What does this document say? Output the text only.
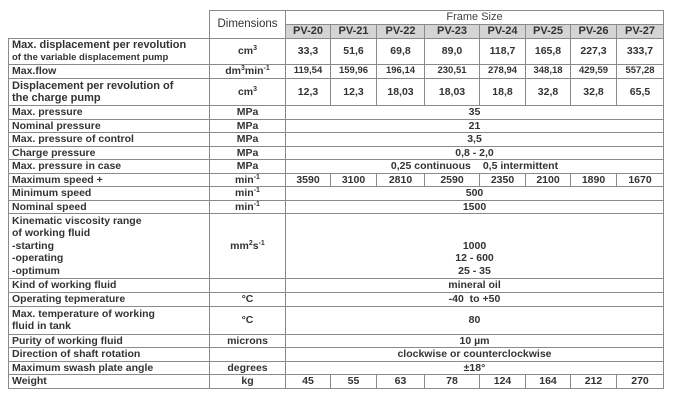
	Dimensions	Frame Size							
		PV-20	PV-21	PV-22	PV-23	PV-24	PV-25	PV-26	PV-27

Max. displacement per revolution
of the variable displacement pump	$cm^3$	33,3	51,6	69,8	89,0	118,7	165,8	227,3	333,7
Max.flow	$dm^3\min^{-1}$	119,54	159,96	196,14	230,51	278,94	348,18	429,59	557,28

Displacement per revolution of
the charge pump	$cm^3$	12,3	12,3	18,03	18,03	18,8	32,8	32,8	65,5
Max. pressure	MPa	35							
Nominal pressure	MPa	21							
Max. pressure of control	MPa	3,5							
Charge pressure	MPa	0,8 - 2,0							
Max. pressure in case	MPa	0,25 continuous 0,5 intermittent							
Maximum speed +	$\min^{-1}$	3590	3100	2810	2590	2350	2100	1890	1670
Minimum speed	$\min^{-1}$	500							
Nominal speed	$\min^{-1}$	1500							

Kinematic viscosity range
of working fluid
-starting
-operating
-optimum	$mm^2s^{-1}$	1000
12 - 600
25 - 35							

Kind of working fluid		mineral oil							
Operating tepmerature	°C	-40  to +50							

Max. temperature of working
fluid in tank	°C	80							
Purity of working fluid	microns	10 µm							
Direction of shaft rotation		clockwise or counterclockwise							
Maximum swash plate angle	degrees	±18°							
Weight	kg	45	55	63	78	124	164	212	270
